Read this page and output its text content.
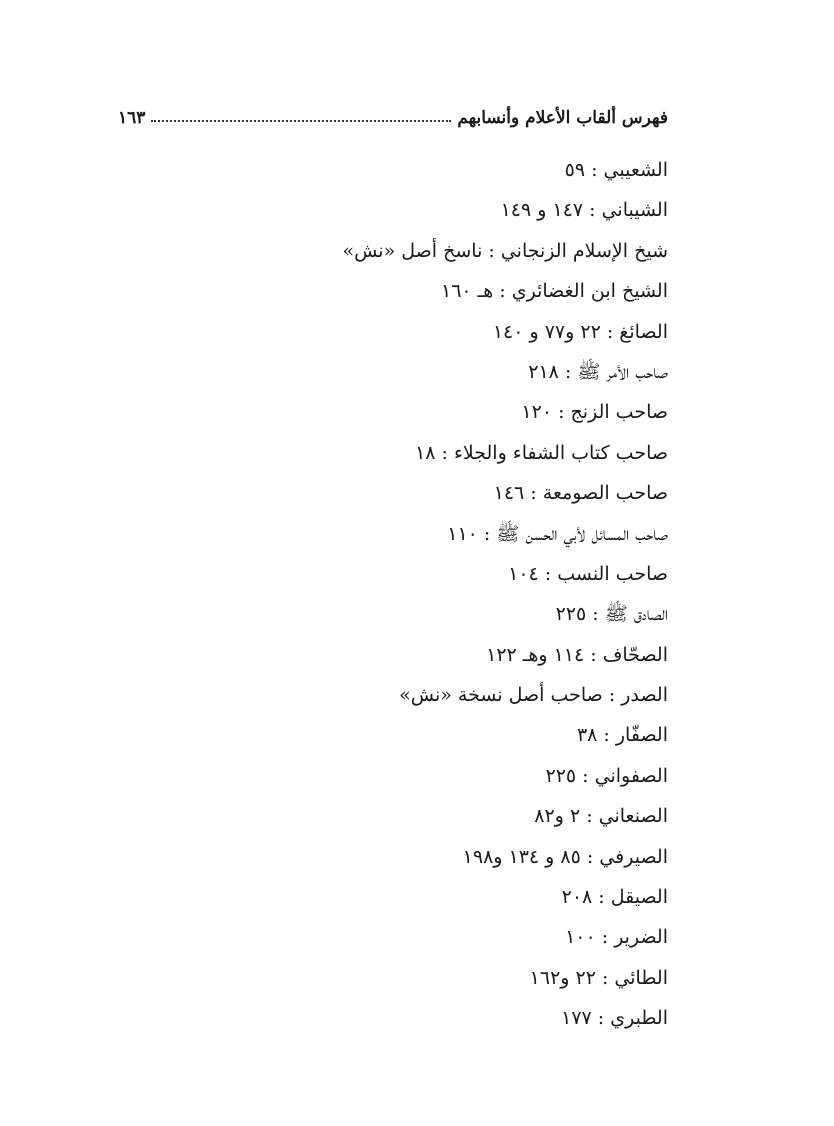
فهرس ألقاب الأعلام وأنسابهم
١٦٣
الشعيبي : ٥٩
الشيباني : ١٤٧ و ١٤٩
شيخ الإسلام الزنجاني : ناسخ أصل «نش»
الشيخ ابن الغضائري : هـ ١٦٠
الصائغ : ٢٢ و٧٧ و ١٤٠
صاحب الأمر ﷺ : ٢١٨
صاحب الزنج : ١٢٠
صاحب كتاب الشفاء والجلاء : ١٨
صاحب الصومعة : ١٤٦
صاحب المسائل لأبي الحسن ﷺ : ١١٠
صاحب النسب : ١٠٤
الصادق ﷺ : ٢٢٥
الصحّاف : ١١٤ وهـ ١٢٢
الصدر : صاحب أصل نسخة «نش»
الصفّار : ٣٨
الصفواني : ٢٢٥
الصنعاني : ٢ و٨٢
الصيرفي : ٨٥ و ١٣٤ و١٩٨
الصيقل : ٢٠٨
الضرير : ١٠٠
الطائي : ٢٢ و١٦٢
الطبري : ١٧٧
